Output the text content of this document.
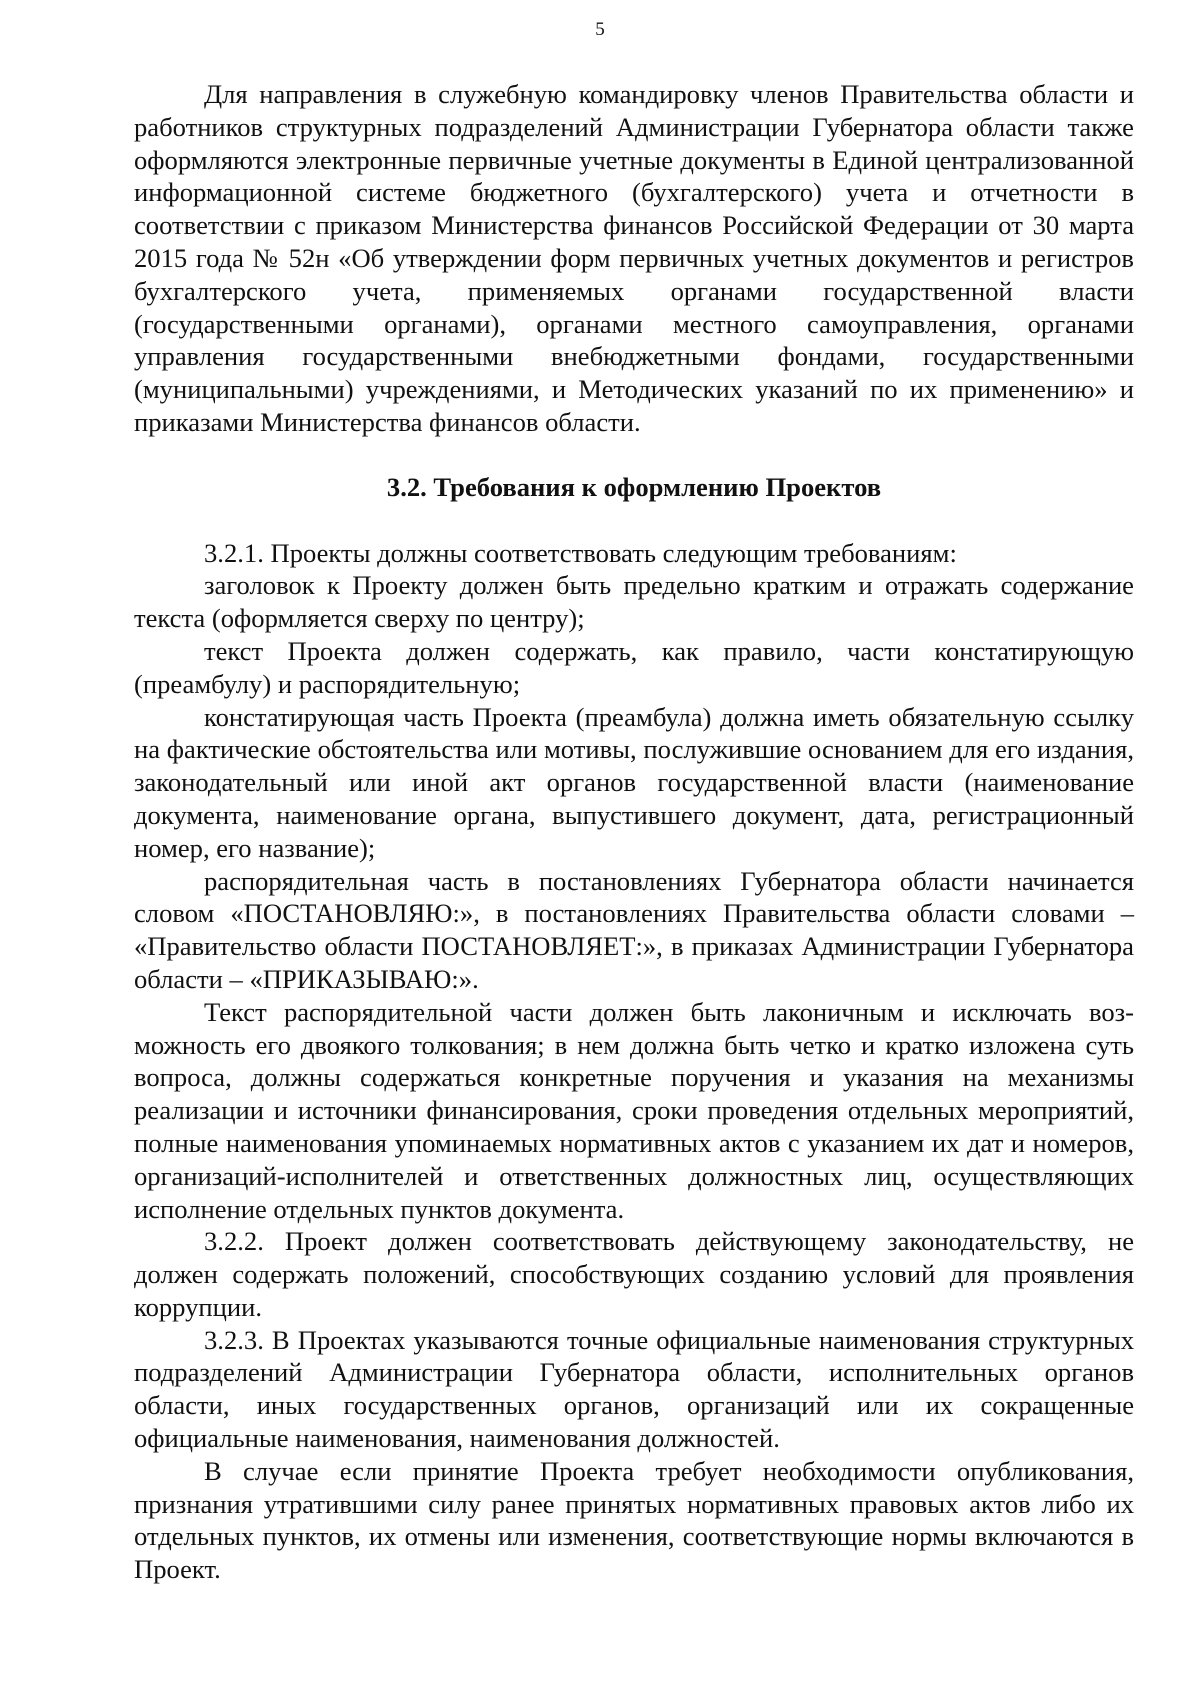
5

Для направления в служебную командировку членов Правительства области и работников структурных подразделений Администрации Губернатора области также оформляются электронные первичные учетные документы в Единой централизованной информационной системе бюджетного (бухгалтерского) учета и отчетности в соответствии с приказом Министерства финансов Российской Федерации от 30 марта 2015 года № 52н «Об утверждении форм первичных учетных документов и регистров бухгалтерского учета, применяемых органами государственной власти (государственными органами), органами местного самоуправления, органами управления государственными внебюджетными фондами, государственными (муниципальными) учреждениями, и Методических указаний по их применению» и приказами Министерства финансов области.

3.2. Требования к оформлению Проектов

3.2.1. Проекты должны соответствовать следующим требованиям:

заголовок к Проекту должен быть предельно кратким и отражать содержание текста (оформляется сверху по центру);

текст Проекта должен содержать, как правило, части констатирующую (преамбулу) и распорядительную;

констатирующая часть Проекта (преамбула) должна иметь обязательную ссылку на фактические обстоятельства или мотивы, послужившие основанием для его издания, законодательный или иной акт органов государственной власти (наименование документа, наименование органа, выпустившего документ, дата, регистрационный номер, его название);

распорядительная часть в постановлениях Губернатора области начинается словом «ПОСТАНОВЛЯЮ:», в постановлениях Правительства области словами – «Правительство области ПОСТАНОВЛЯЕТ:», в приказах Администрации Губернатора области – «ПРИКАЗЫВАЮ:».

Текст распорядительной части должен быть лаконичным и исключать возможность его двоякого толкования; в нем должна быть четко и кратко изложена суть вопроса, должны содержаться конкретные поручения и указания на механизмы реализации и источники финансирования, сроки проведения отдельных мероприятий, полные наименования упоминаемых нормативных актов с указанием их дат и номеров, организаций-исполнителей и ответственных должностных лиц, осуществляющих исполнение отдельных пунктов документа.

3.2.2. Проект должен соответствовать действующему законодательству, не должен содержать положений, способствующих созданию условий для проявления коррупции.

3.2.3. В Проектах указываются точные официальные наименования структурных подразделений Администрации Губернатора области, исполнительных органов области, иных государственных органов, организаций или их сокращенные официальные наименования, наименования должностей.

В случае если принятие Проекта требует необходимости опубликования, признания утратившими силу ранее принятых нормативных правовых актов либо их отдельных пунктов, их отмены или изменения, соответствующие нормы включаются в Проект.
